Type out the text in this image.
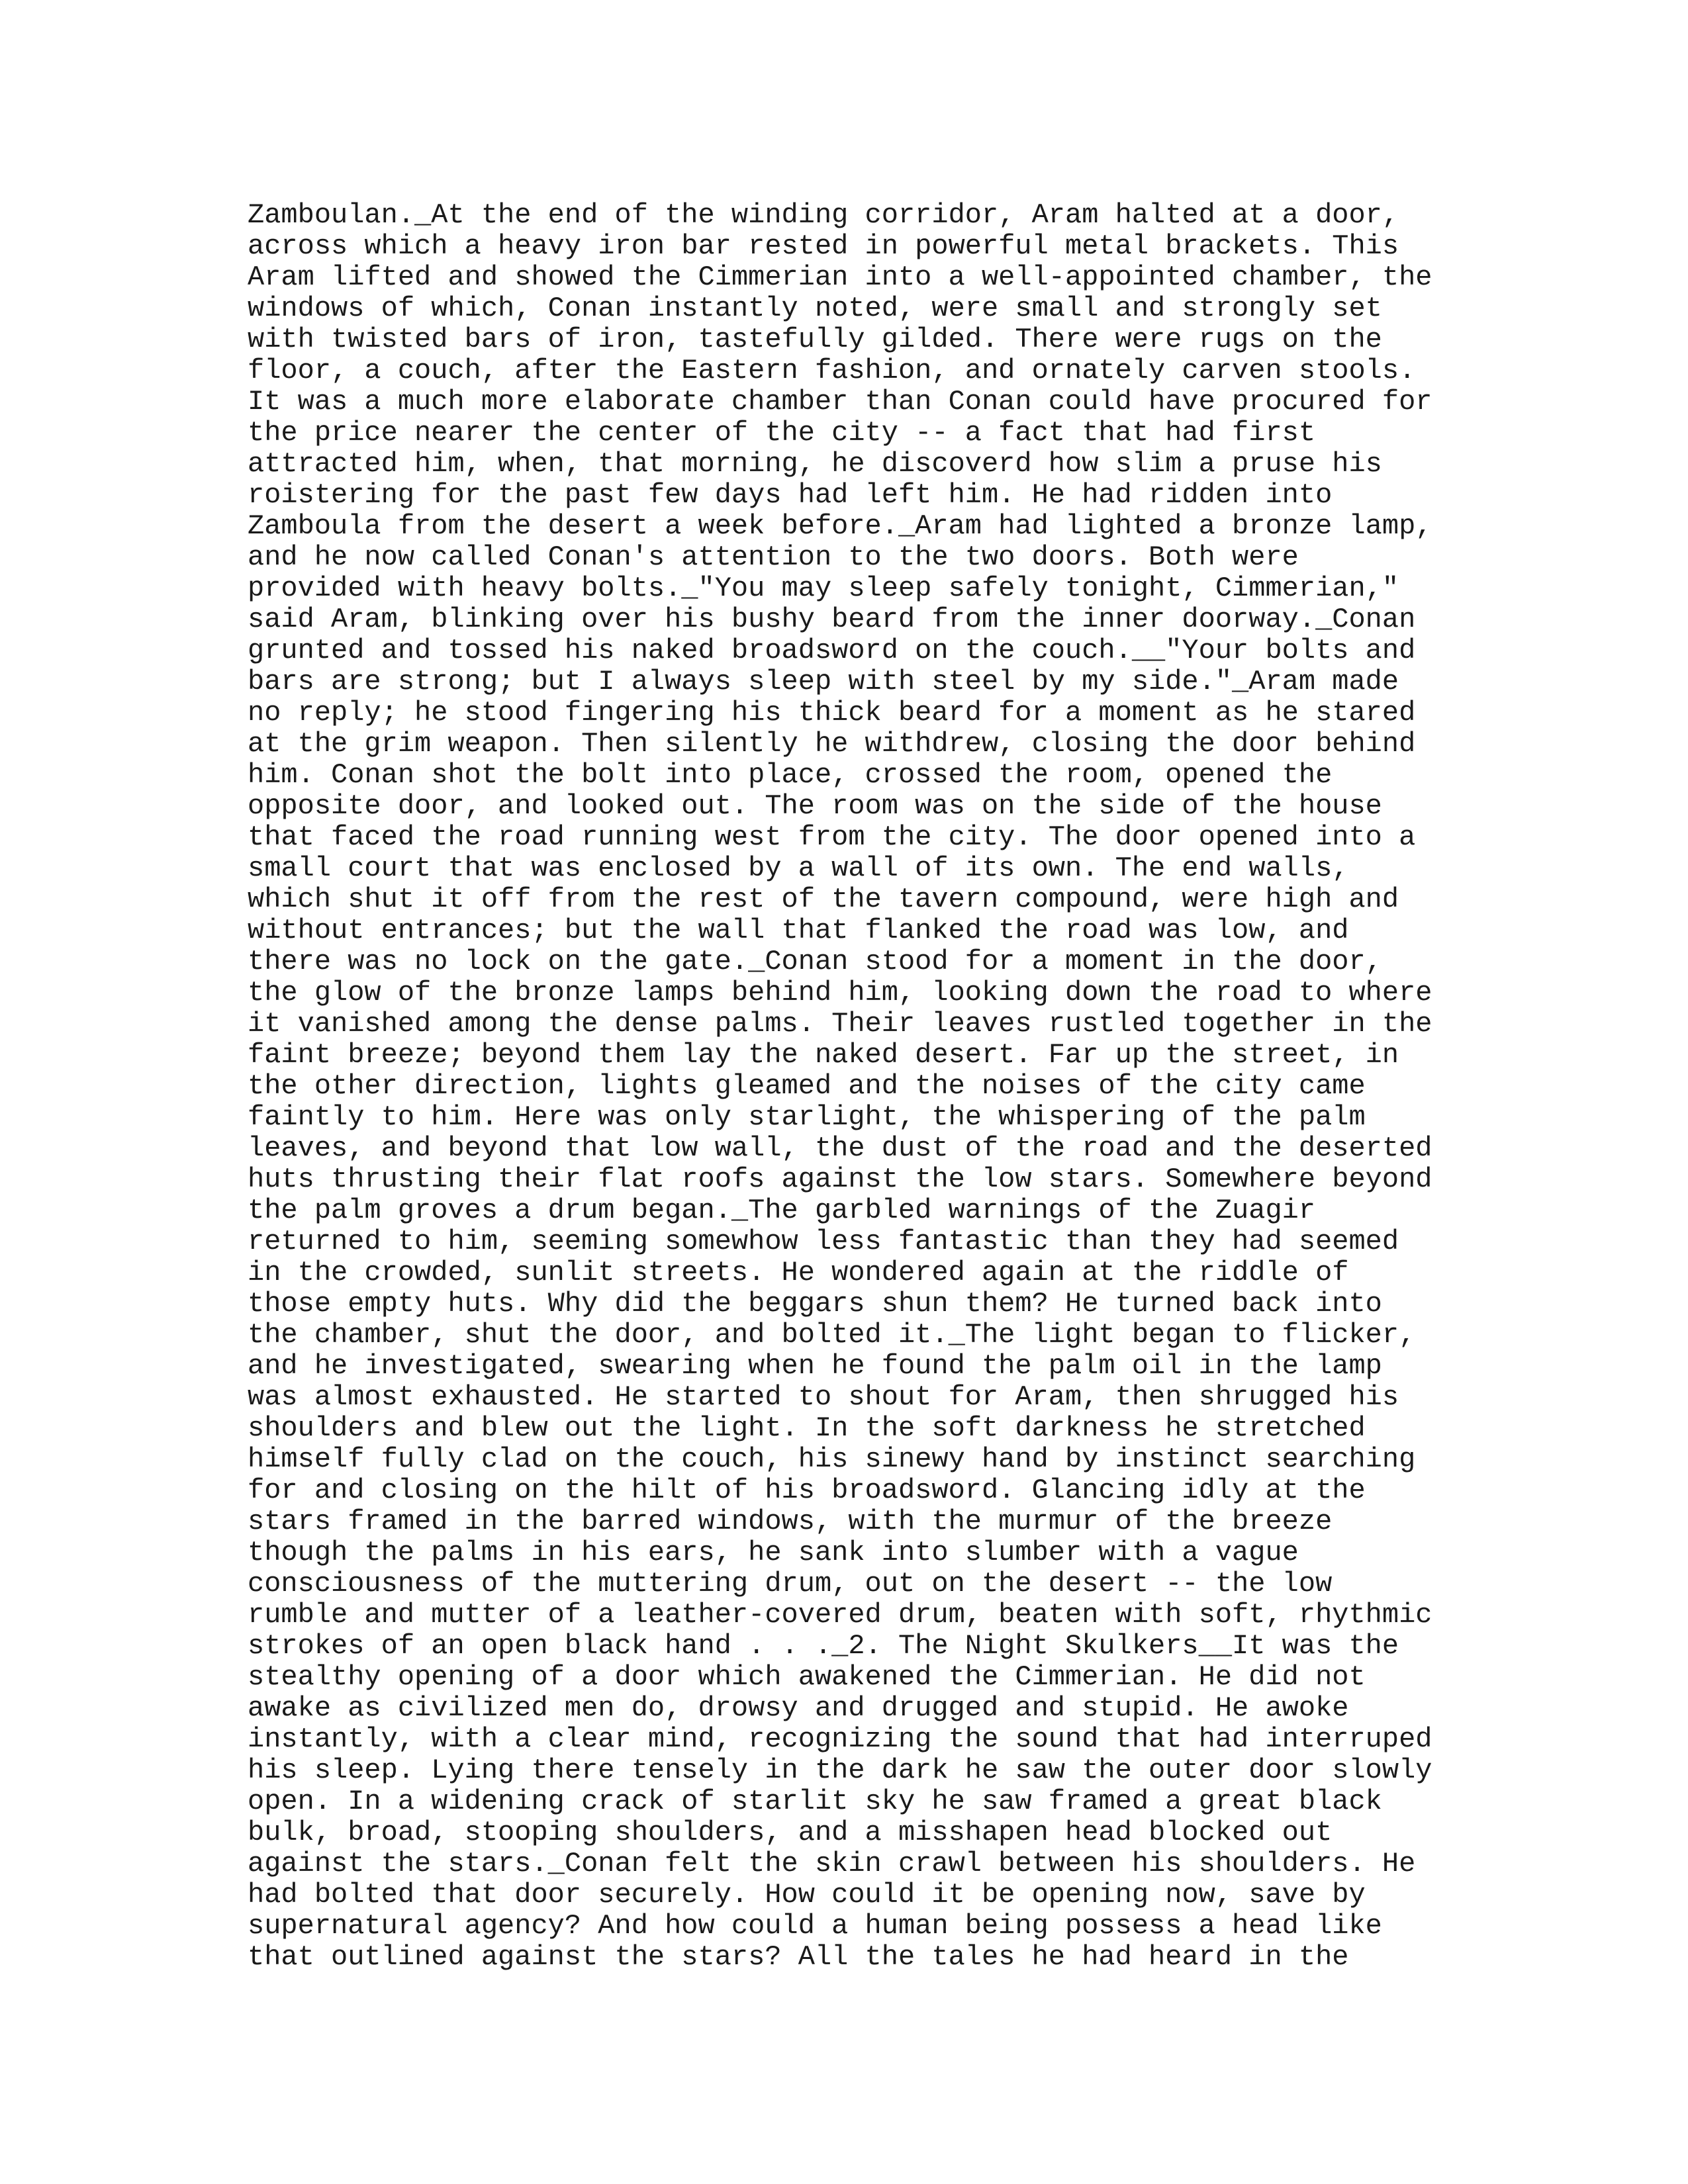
Zamboulan._At the end of the winding corridor, Aram halted at a door,
across which a heavy iron bar rested in powerful metal brackets. This
Aram lifted and showed the Cimmerian into a well-appointed chamber, the
windows of which, Conan instantly noted, were small and strongly set
with twisted bars of iron, tastefully gilded. There were rugs on the
floor, a couch, after the Eastern fashion, and ornately carven stools.
It was a much more elaborate chamber than Conan could have procured for
the price nearer the center of the city -- a fact that had first
attracted him, when, that morning, he discoverd how slim a pruse his
roistering for the past few days had left him. He had ridden into
Zamboula from the desert a week before._Aram had lighted a bronze lamp,
and he now called Conan's attention to the two doors. Both were
provided with heavy bolts._"You may sleep safely tonight, Cimmerian,"
said Aram, blinking over his bushy beard from the inner doorway._Conan
grunted and tossed his naked broadsword on the couch.__"Your bolts and
bars are strong; but I always sleep with steel by my side."_Aram made
no reply; he stood fingering his thick beard for a moment as he stared
at the grim weapon. Then silently he withdrew, closing the door behind
him. Conan shot the bolt into place, crossed the room, opened the
opposite door, and looked out. The room was on the side of the house
that faced the road running west from the city. The door opened into a
small court that was enclosed by a wall of its own. The end walls,
which shut it off from the rest of the tavern compound, were high and
without entrances; but the wall that flanked the road was low, and
there was no lock on the gate._Conan stood for a moment in the door,
the glow of the bronze lamps behind him, looking down the road to where
it vanished among the dense palms. Their leaves rustled together in the
faint breeze; beyond them lay the naked desert. Far up the street, in
the other direction, lights gleamed and the noises of the city came
faintly to him. Here was only starlight, the whispering of the palm
leaves, and beyond that low wall, the dust of the road and the deserted
huts thrusting their flat roofs against the low stars. Somewhere beyond
the palm groves a drum began._The garbled warnings of the Zuagir
returned to him, seeming somewhow less fantastic than they had seemed
in the crowded, sunlit streets. He wondered again at the riddle of
those empty huts. Why did the beggars shun them? He turned back into
the chamber, shut the door, and bolted it._The light began to flicker,
and he investigated, swearing when he found the palm oil in the lamp
was almost exhausted. He started to shout for Aram, then shrugged his
shoulders and blew out the light. In the soft darkness he stretched
himself fully clad on the couch, his sinewy hand by instinct searching
for and closing on the hilt of his broadsword. Glancing idly at the
stars framed in the barred windows, with the murmur of the breeze
though the palms in his ears, he sank into slumber with a vague
consciousness of the muttering drum, out on the desert -- the low
rumble and mutter of a leather-covered drum, beaten with soft, rhythmic
strokes of an open black hand . . ._2. The Night Skulkers__It was the
stealthy opening of a door which awakened the Cimmerian. He did not
awake as civilized men do, drowsy and drugged and stupid. He awoke
instantly, with a clear mind, recognizing the sound that had interruped
his sleep. Lying there tensely in the dark he saw the outer door slowly
open. In a widening crack of starlit sky he saw framed a great black
bulk, broad, stooping shoulders, and a misshapen head blocked out
against the stars._Conan felt the skin crawl between his shoulders. He
had bolted that door securely. How could it be opening now, save by
supernatural agency? And how could a human being possess a head like
that outlined against the stars? All the tales he had heard in the
